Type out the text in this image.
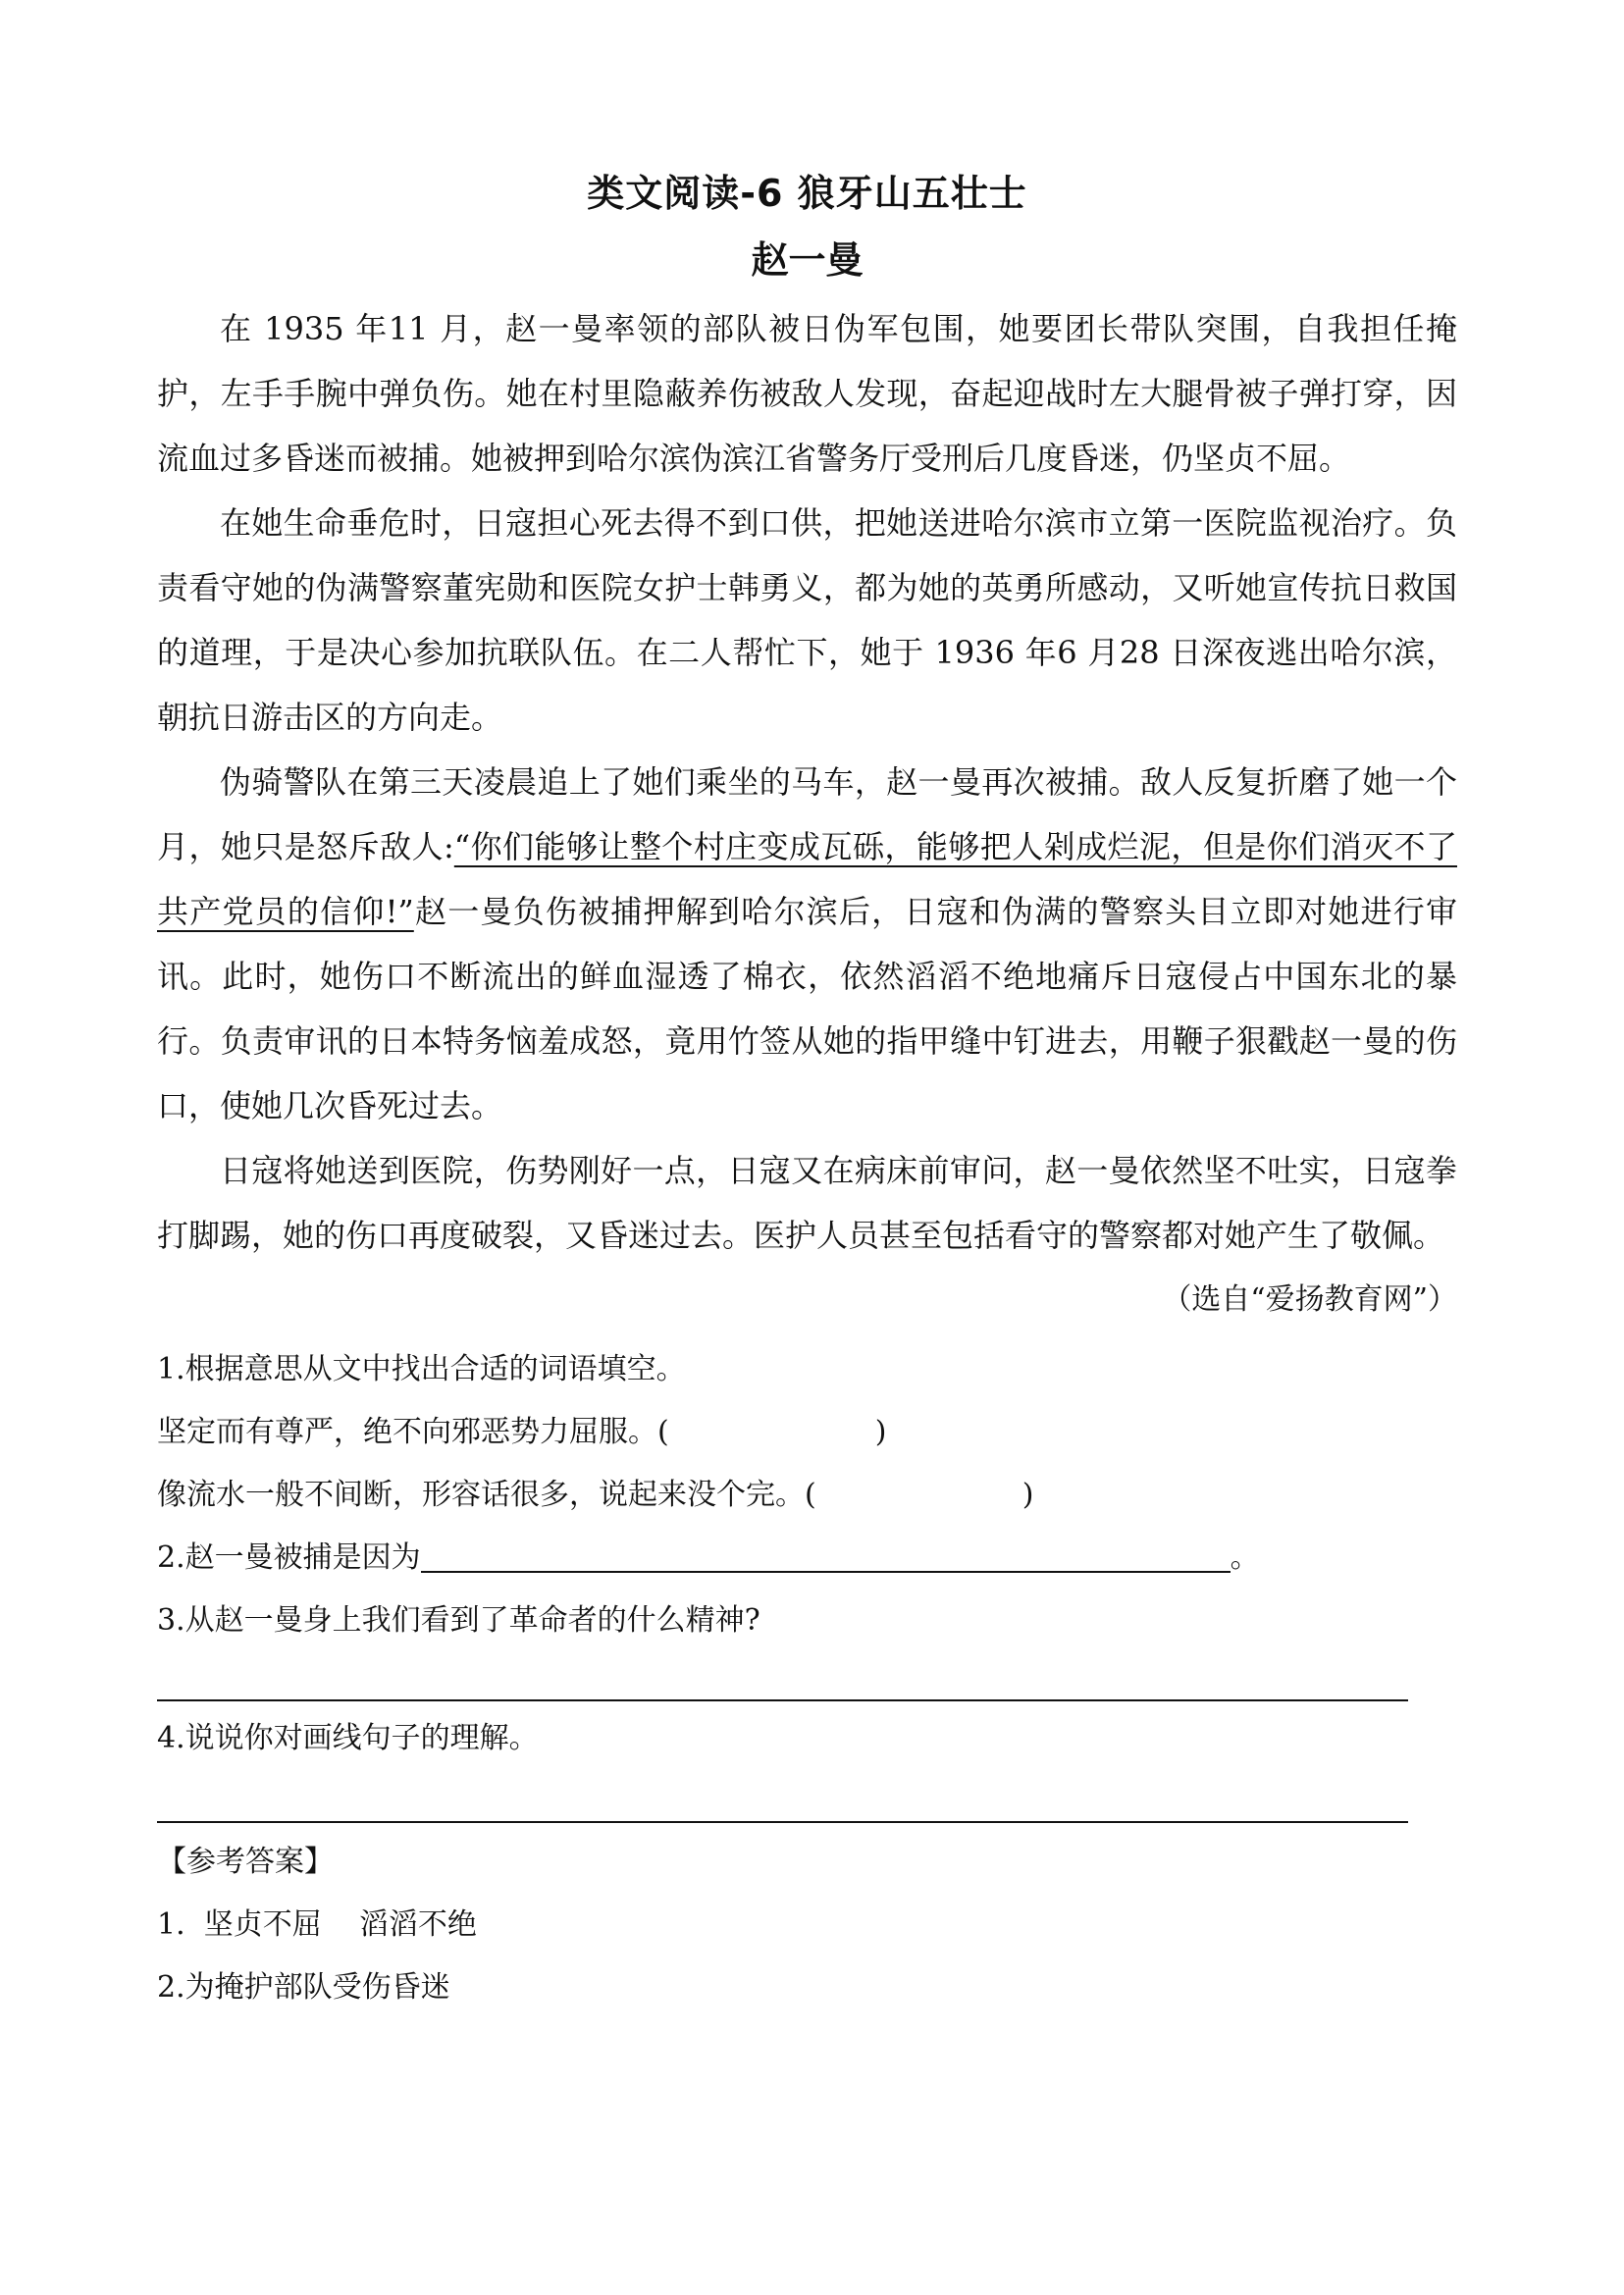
类文阅读-6 狼牙山五壮士
赵一曼

在 1935 年11 月，赵一曼率领的部队被日伪军包围，她要团长带队突围，自我担任掩护，左手手腕中弹负伤。她在村里隐蔽养伤被敌人发现，奋起迎战时左大腿骨被子弹打穿，因流血过多昏迷而被捕。她被押到哈尔滨伪滨江省警务厅受刑后几度昏迷，仍坚贞不屈。

在她生命垂危时，日寇担心死去得不到口供，把她送进哈尔滨市立第一医院监视治疗。负责看守她的伪满警察董宪勋和医院女护士韩勇义，都为她的英勇所感动，又听她宣传抗日救国的道理，于是决心参加抗联队伍。在二人帮忙下，她于 1936 年6 月28 日深夜逃出哈尔滨，朝抗日游击区的方向走。

伪骑警队在第三天凌晨追上了她们乘坐的马车，赵一曼再次被捕。敌人反复折磨了她一个月，她只是怒斥敌人:“你们能够让整个村庄变成瓦砾，能够把人剁成烂泥，但是你们消灭不了共产党员的信仰!”赵一曼负伤被捕押解到哈尔滨后，日寇和伪满的警察头目立即对她进行审讯。此时，她伤口不断流出的鲜血湿透了棉衣，依然滔滔不绝地痛斥日寇侵占中国东北的暴行。负责审讯的日本特务恼羞成怒，竟用竹签从她的指甲缝中钉进去，用鞭子狠戳赵一曼的伤口，使她几次昏死过去。

日寇将她送到医院，伤势刚好一点，日寇又在病床前审问，赵一曼依然坚不吐实，日寇拳打脚踢，她的伤口再度破裂，又昏迷过去。医护人员甚至包括看守的警察都对她产生了敬佩。

（选自“爱扬教育网”）

1.根据意思从文中找出合适的词语填空。

坚定而有尊严，绝不向邪恶势力屈服。(	)

像流水一般不间断，形容话很多，说起来没个完。(	)

2.赵一曼被捕是因为	。

3.从赵一曼身上我们看到了革命者的什么精神?

4.说说你对画线句子的理解。

【参考答案】

1.  坚贞不屈    滔滔不绝

2.为掩护部队受伤昏迷
